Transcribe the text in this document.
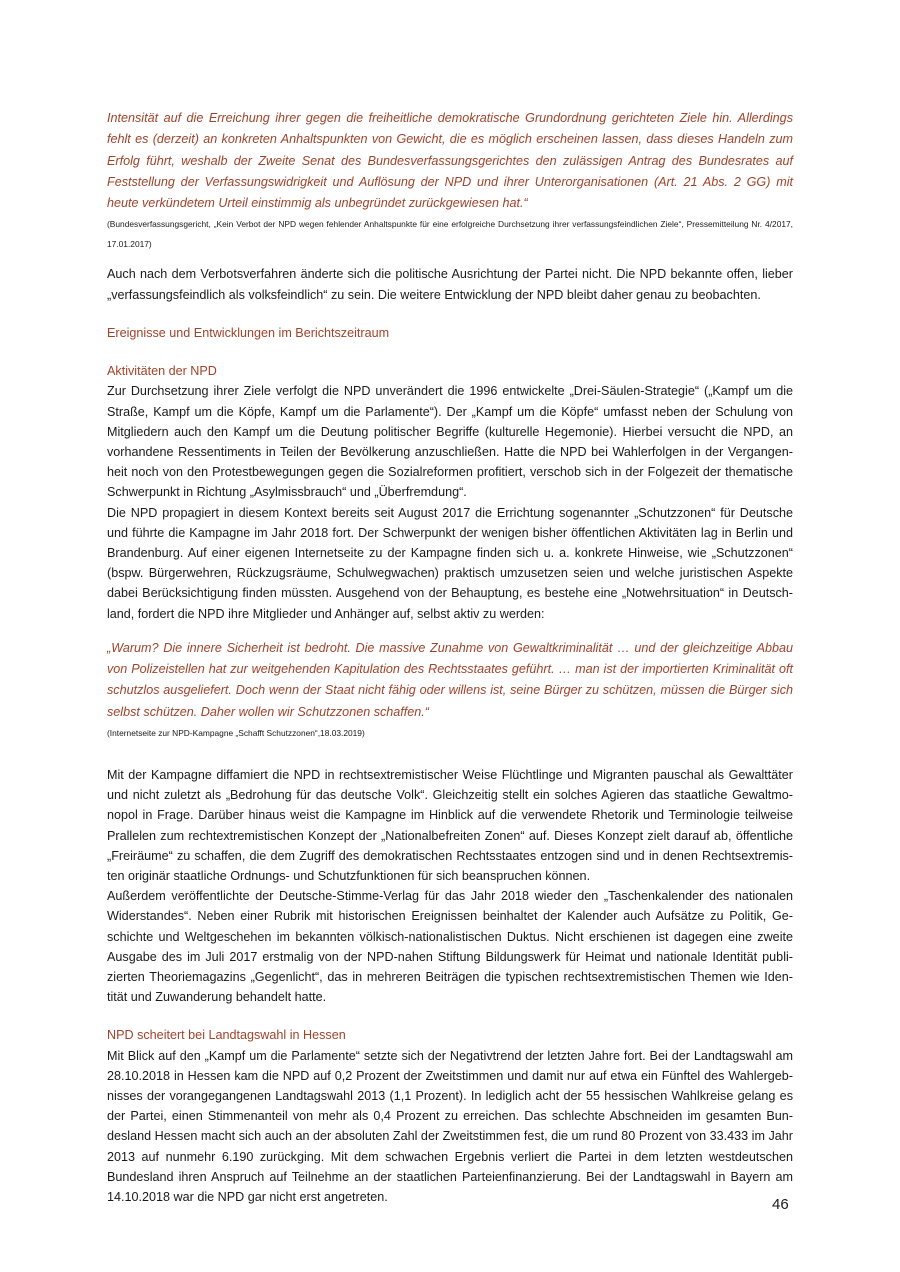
Intensität auf die Erreichung ihrer gegen die freiheitliche demokratische Grundordnung gerichteten Ziele hin. Allerdings fehlt es (derzeit) an konkreten Anhaltspunkten von Gewicht, die es möglich erscheinen lassen, dass dieses Handeln zum Erfolg führt, weshalb der Zweite Senat des Bundesverfassungsgerichtes den zulässigen Antrag des Bundesrates auf Feststellung der Verfassungswidrigkeit und Auflösung der NPD und ihrer Unterorganisationen (Art. 21 Abs. 2 GG) mit heute verkündetem Urteil einstimmig als unbegründet zurückgewiesen hat.“

(Bundesverfassungsgericht, „Kein Verbot der NPD wegen fehlender Anhaltspunkte für eine erfolgreiche Durchsetzung ihrer verfassungsfeindlichen Ziele“, Pressemitteilung Nr. 4/2017, 17.01.2017)

Auch nach dem Verbotsverfahren änderte sich die politische Ausrichtung der Partei nicht. Die NPD bekannte offen, lieber „verfassungsfeindlich als volksfeindlich“ zu sein. Die weitere Entwicklung der NPD bleibt daher genau zu beobachten.

Ereignisse und Entwicklungen im Berichtszeitraum

Aktivitäten der NPD

Zur Durchsetzung ihrer Ziele verfolgt die NPD unverändert die 1996 entwickelte „Drei-Säulen-Strategie“ („Kampf um die Straße, Kampf um die Köpfe, Kampf um die Parlamente“). Der „Kampf um die Köpfe“ umfasst neben der Schulung von Mitgliedern auch den Kampf um die Deutung politischer Begriffe (kulturelle Hegemonie). Hierbei versucht die NPD, an vorhandene Ressentiments in Teilen der Bevölkerung anzuschließen. Hatte die NPD bei Wahlerfolgen in der Vergangenheit noch von den Protestbewegungen gegen die Sozialreformen profitiert, verschob sich in der Folgezeit der thematische Schwerpunkt in Richtung „Asylmissbrauch“ und „Überfremdung“.

Die NPD propagiert in diesem Kontext bereits seit August 2017 die Errichtung sogenannter „Schutzzonen“ für Deutsche und führte die Kampagne im Jahr 2018 fort. Der Schwerpunkt der wenigen bisher öffentlichen Aktivitäten lag in Berlin und Brandenburg. Auf einer eigenen Internetseite zu der Kampagne finden sich u. a. konkrete Hinweise, wie „Schutzzonen“ (bspw. Bürgerwehren, Rückzugsräume, Schulwegwachen) praktisch umzusetzen seien und welche juristischen Aspekte dabei Berücksichtigung finden müssten. Ausgehend von der Behauptung, es bestehe eine „Notwehrsituation“ in Deutschland, fordert die NPD ihre Mitglieder und Anhänger auf, selbst aktiv zu werden:

„Warum? Die innere Sicherheit ist bedroht. Die massive Zunahme von Gewaltkriminalität … und der gleichzeitige Abbau von Polizeistellen hat zur weitgehenden Kapitulation des Rechtsstaates geführt. … man ist der importierten Kriminalität oft schutzlos ausgeliefert. Doch wenn der Staat nicht fähig oder willens ist, seine Bürger zu schützen, müssen die Bürger sich selbst schützen. Daher wollen wir Schutzzonen schaffen.“

(Internetseite zur NPD-Kampagne „Schafft Schutzzonen“,18.03.2019)

Mit der Kampagne diffamiert die NPD in rechtsextremistischer Weise Flüchtlinge und Migranten pauschal als Gewalttäter und nicht zuletzt als „Bedrohung für das deutsche Volk“. Gleichzeitig stellt ein solches Agieren das staatliche Gewaltmonopol in Frage. Darüber hinaus weist die Kampagne im Hinblick auf die verwendete Rhetorik und Terminologie teilweise Prallelen zum rechtextremistischen Konzept der „Nationalbefreiten Zonen“ auf. Dieses Konzept zielt darauf ab, öffentliche „Freiräume“ zu schaffen, die dem Zugriff des demokratischen Rechtsstaates entzogen sind und in denen Rechtsextremisten originär staatliche Ordnungs- und Schutzfunktionen für sich beanspruchen können.

Außerdem veröffentlichte der Deutsche-Stimme-Verlag für das Jahr 2018 wieder den „Taschenkalender des nationalen Widerstandes“. Neben einer Rubrik mit historischen Ereignissen beinhaltet der Kalender auch Aufsätze zu Politik, Geschichte und Weltgeschehen im bekannten völkisch-nationalistischen Duktus. Nicht erschienen ist dagegen eine zweite Ausgabe des im Juli 2017 erstmalig von der NPD-nahen Stiftung Bildungswerk für Heimat und nationale Identität publizierten Theoriemagazins „Gegenlicht“, das in mehreren Beiträgen die typischen rechtsextremistischen Themen wie Identität und Zuwanderung behandelt hatte.

NPD scheitert bei Landtagswahl in Hessen

Mit Blick auf den „Kampf um die Parlamente“ setzte sich der Negativtrend der letzten Jahre fort. Bei der Landtagswahl am 28.10.2018 in Hessen kam die NPD auf 0,2 Prozent der Zweitstimmen und damit nur auf etwa ein Fünftel des Wahlergebnisses der vorangegangenen Landtagswahl 2013 (1,1 Prozent). In lediglich acht der 55 hessischen Wahlkreise gelang es der Partei, einen Stimmenanteil von mehr als 0,4 Prozent zu erreichen. Das schlechte Abschneiden im gesamten Bundesland Hessen macht sich auch an der absoluten Zahl der Zweitstimmen fest, die um rund 80 Prozent von 33.433 im Jahr 2013 auf nunmehr 6.190 zurückging. Mit dem schwachen Ergebnis verliert die Partei in dem letzten westdeutschen Bundesland ihren Anspruch auf Teilnehme an der staatlichen Parteienfinanzierung. Bei der Landtagswahl in Bayern am 14.10.2018 war die NPD gar nicht erst angetreten.	46
